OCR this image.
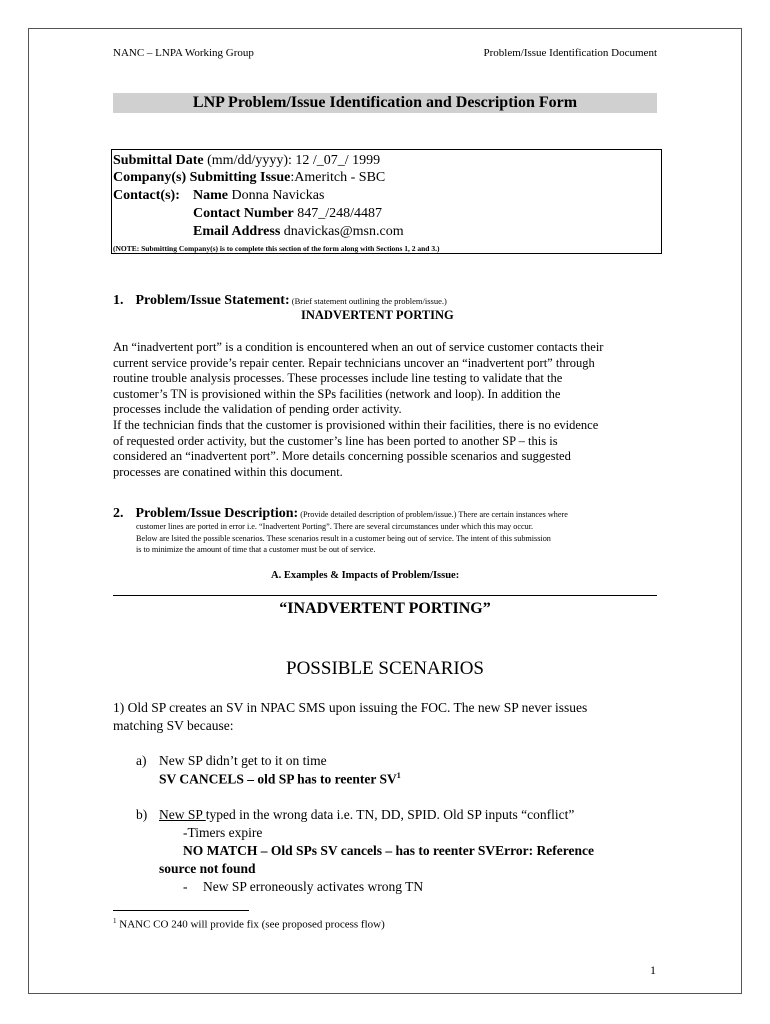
NANC – LNPA Working Group	Problem/Issue Identification Document
LNP Problem/Issue Identification and Description Form
Submittal Date (mm/dd/yyyy): 12 /_07_/ 1999
Company(s) Submitting Issue:Ameritch - SBC
Contact(s): Name Donna Navickas
Contact Number 847_/248/4487
Email Address dnavickas@msn.com
(NOTE: Submitting Company(s) is to complete this section of the form along with Sections 1, 2 and 3.)
1. Problem/Issue Statement: (Brief statement outlining the problem/issue.)
INADVERTENT PORTING
An “inadvertent port” is a condition is encountered when an out of service customer contacts their
current service provide’s repair center. Repair technicians uncover an “inadvertent port” through
routine trouble analysis processes. These processes include line testing to validate that the
customer’s TN is provisioned within the SPs facilities (network and loop). In addition the
processes include the validation of pending order activity.
If the technician finds that the customer is provisioned within their facilities, there is no evidence
of requested order activity, but the customer’s line has been ported to another SP – this is
considered an “inadvertent port”. More details concerning possible scenarios and suggested
processes are conatined within this document.
2. Problem/Issue Description: (Provide detailed description of problem/issue.) There are certain instances where
customer lines are ported in error i.e. “Inadvertent Porting”. There are several circumstances under which this may occur.
Below are lsited the possible scenarios. These scenarios result in a customer being out of service. The intent of this submission
is to minimize the amount of time that a customer must be out of service.
A. Examples & Impacts of Problem/Issue:
“INADVERTENT PORTING”
POSSIBLE SCENARIOS
1) Old SP creates an SV in NPAC SMS upon issuing the FOC. The new SP never issues
matching SV because:
a) New SP didn’t get to it on time
SV CANCELS – old SP has to reenter $SV^1$
b) New SP typed in the wrong data i.e. TN, DD, SPID. Old SP inputs “conflict”
-Timers expire
NO MATCH – Old SPs SV cancels – has to reenter SVError: Reference
source not found
- New SP erroneously activates wrong TN
$^1$ NANC CO 240 will provide fix (see proposed process flow)
1
